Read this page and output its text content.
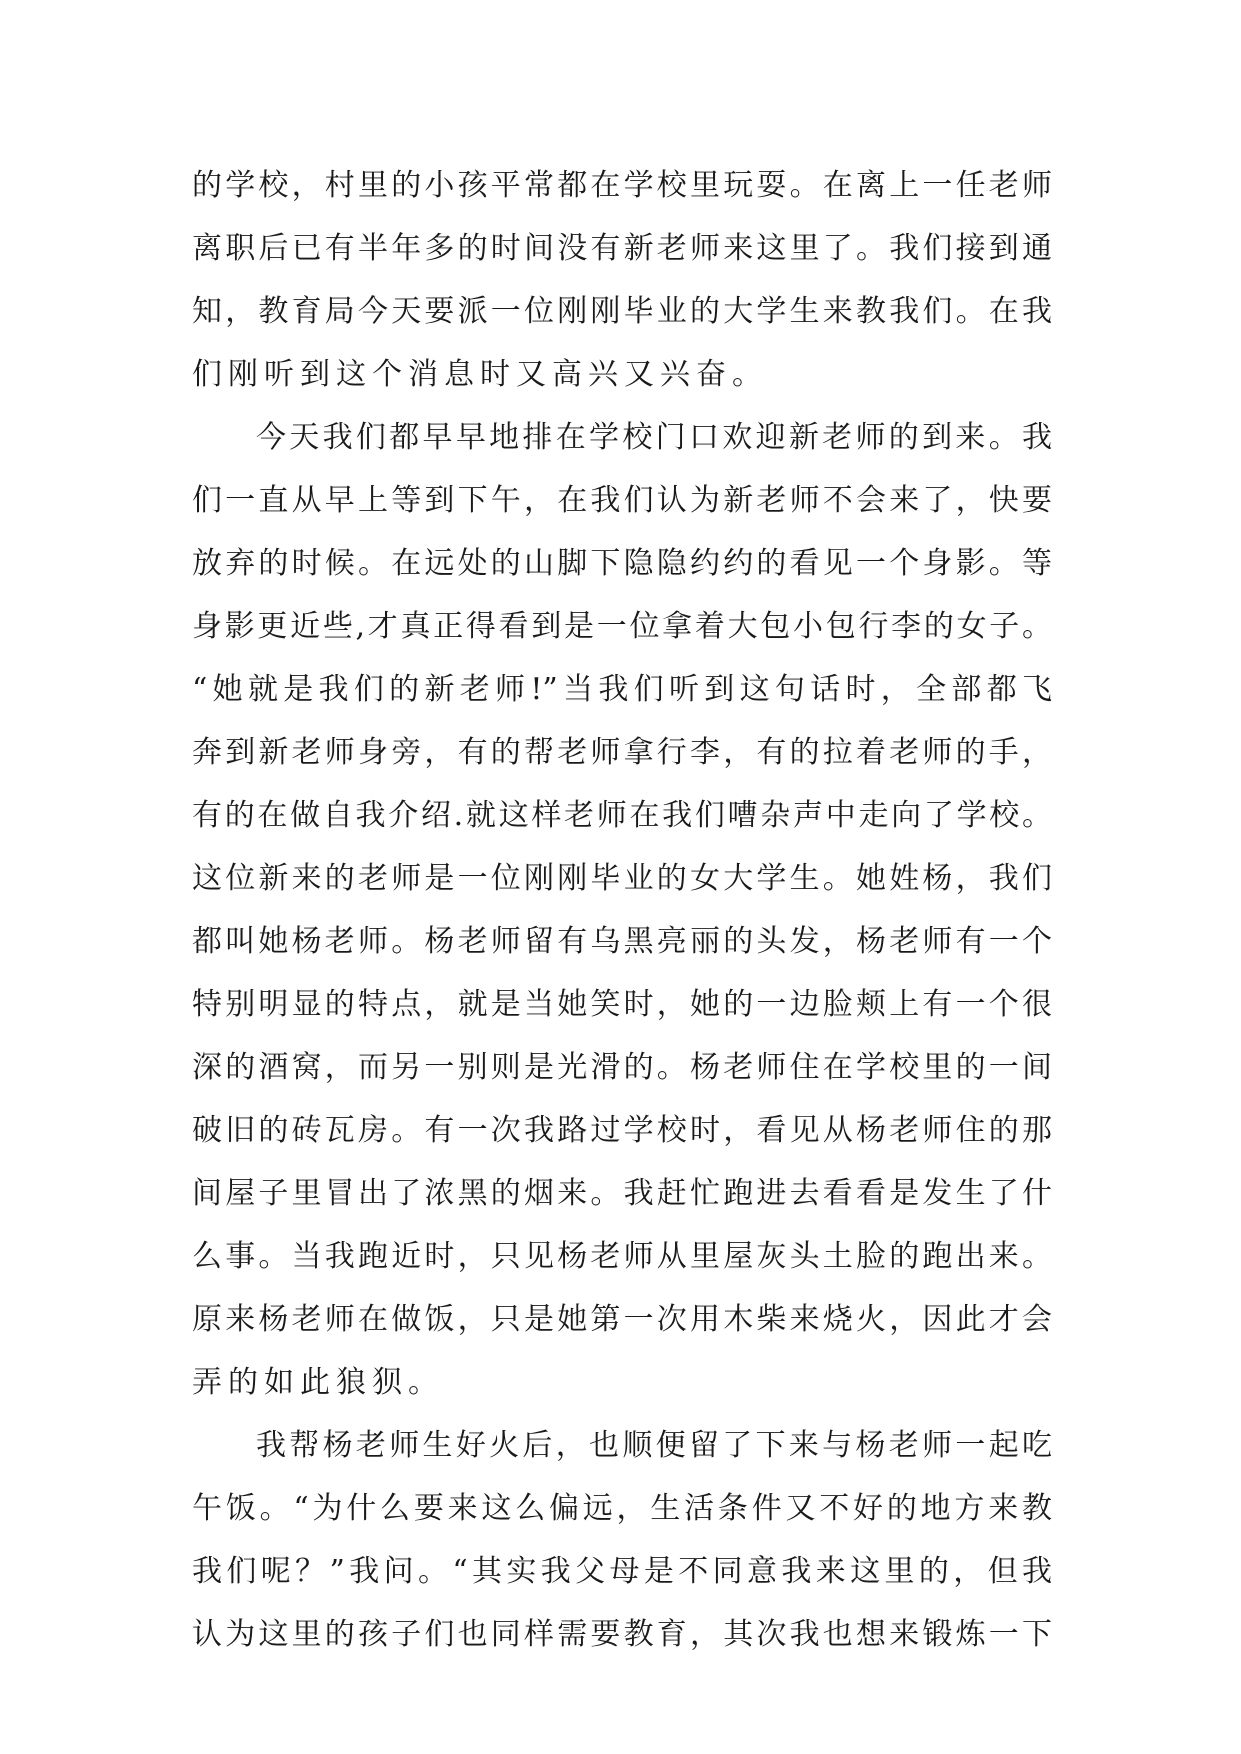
的学校，村里的小孩平常都在学校里玩耍。在离上一任老师
离职后已有半年多的时间没有新老师来这里了。我们接到通
知，教育局今天要派一位刚刚毕业的大学生来教我们。在我
们刚听到这个消息时又高兴又兴奋。
今天我们都早早地排在学校门口欢迎新老师的到来。我
们一直从早上等到下午，在我们认为新老师不会来了，快要
放弃的时候。在远处的山脚下隐隐约约的看见一个身影。等
身影更近些,才真正得看到是一位拿着大包小包行李的女子。
“她就是我们的新老师!”当我们听到这句话时，全部都飞
奔到新老师身旁，有的帮老师拿行李，有的拉着老师的手，
有的在做自我介绍.就这样老师在我们嘈杂声中走向了学校。
这位新来的老师是一位刚刚毕业的女大学生。她姓杨，我们
都叫她杨老师。杨老师留有乌黑亮丽的头发，杨老师有一个
特别明显的特点，就是当她笑时，她的一边脸颊上有一个很
深的酒窝，而另一别则是光滑的。杨老师住在学校里的一间
破旧的砖瓦房。有一次我路过学校时，看见从杨老师住的那
间屋子里冒出了浓黑的烟来。我赶忙跑进去看看是发生了什
么事。当我跑近时，只见杨老师从里屋灰头土脸的跑出来。
原来杨老师在做饭，只是她第一次用木柴来烧火，因此才会
弄的如此狼狈。
我帮杨老师生好火后，也顺便留了下来与杨老师一起吃
午饭。“为什么要来这么偏远，生活条件又不好的地方来教
我们呢？”我问。“其实我父母是不同意我来这里的，但我
认为这里的孩子们也同样需要教育，其次我也想来锻炼一下
